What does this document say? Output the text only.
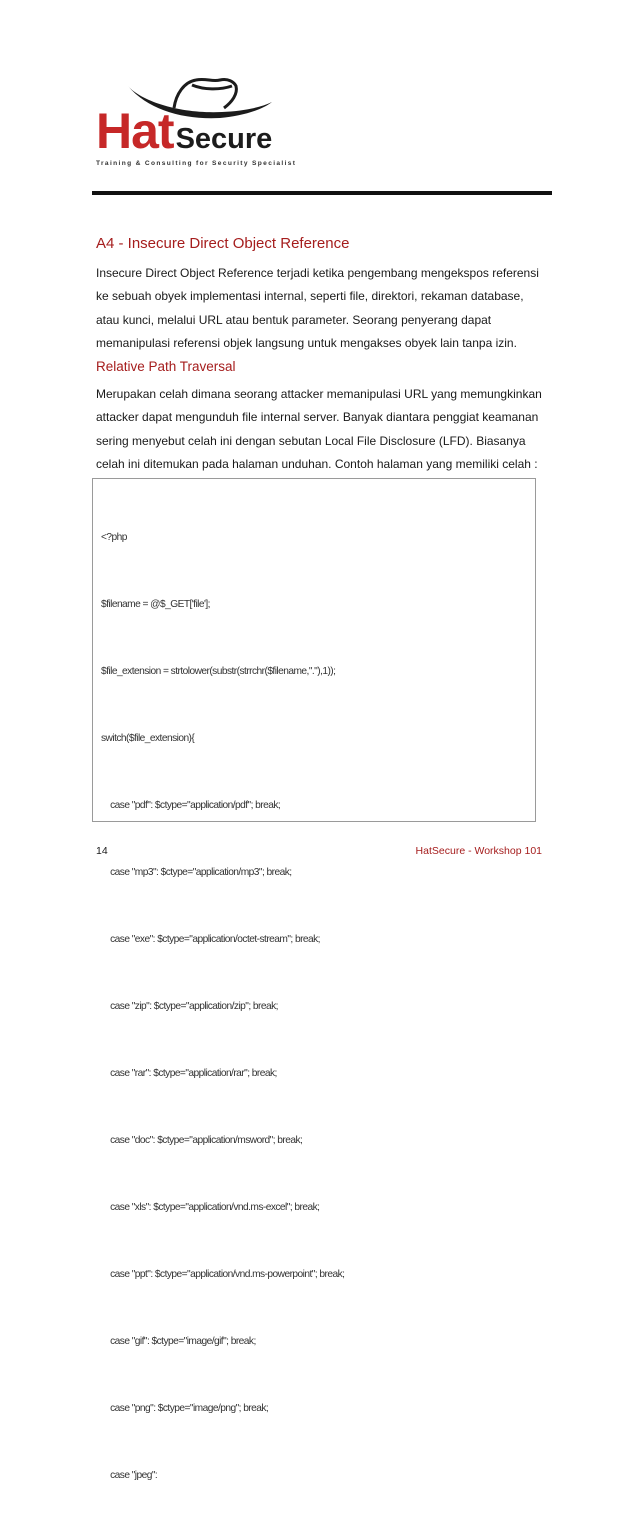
HatSecure
Training & Consulting for Security Specialist
A4 - Insecure Direct Object Reference
Insecure Direct Object Reference terjadi ketika pengembang mengekspos referensi
ke sebuah obyek implementasi internal, seperti file, direktori, rekaman database,
atau kunci, melalui URL atau bentuk parameter. Seorang penyerang dapat
memanipulasi referensi objek langsung untuk mengakses obyek lain tanpa izin.
Relative Path Traversal
Merupakan celah dimana seorang attacker memanipulasi URL yang memungkinkan
attacker dapat mengunduh file internal server. Banyak diantara penggiat keamanan
sering menyebut celah ini dengan sebutan Local File Disclosure (LFD). Biasanya
celah ini ditemukan pada halaman unduhan. Contoh halaman yang memiliki celah :

<?php

$filename = @$_GET['file'];

$file_extension = strtolower(substr(strrchr($filename,"."),1));

switch($file_extension){

case "pdf": $ctype="application/pdf"; break;

case "mp3": $ctype="application/mp3"; break;

case "exe": $ctype="application/octet-stream"; break;

case "zip": $ctype="application/zip"; break;

case "rar": $ctype="application/rar"; break;

case "doc": $ctype="application/msword"; break;

case "xls": $ctype="application/vnd.ms-excel"; break;

case "ppt": $ctype="application/vnd.ms-powerpoint"; break;

case "gif": $ctype="image/gif"; break;

case "png": $ctype="image/png"; break;

case "jpeg":

14	HatSecure - Workshop 101
